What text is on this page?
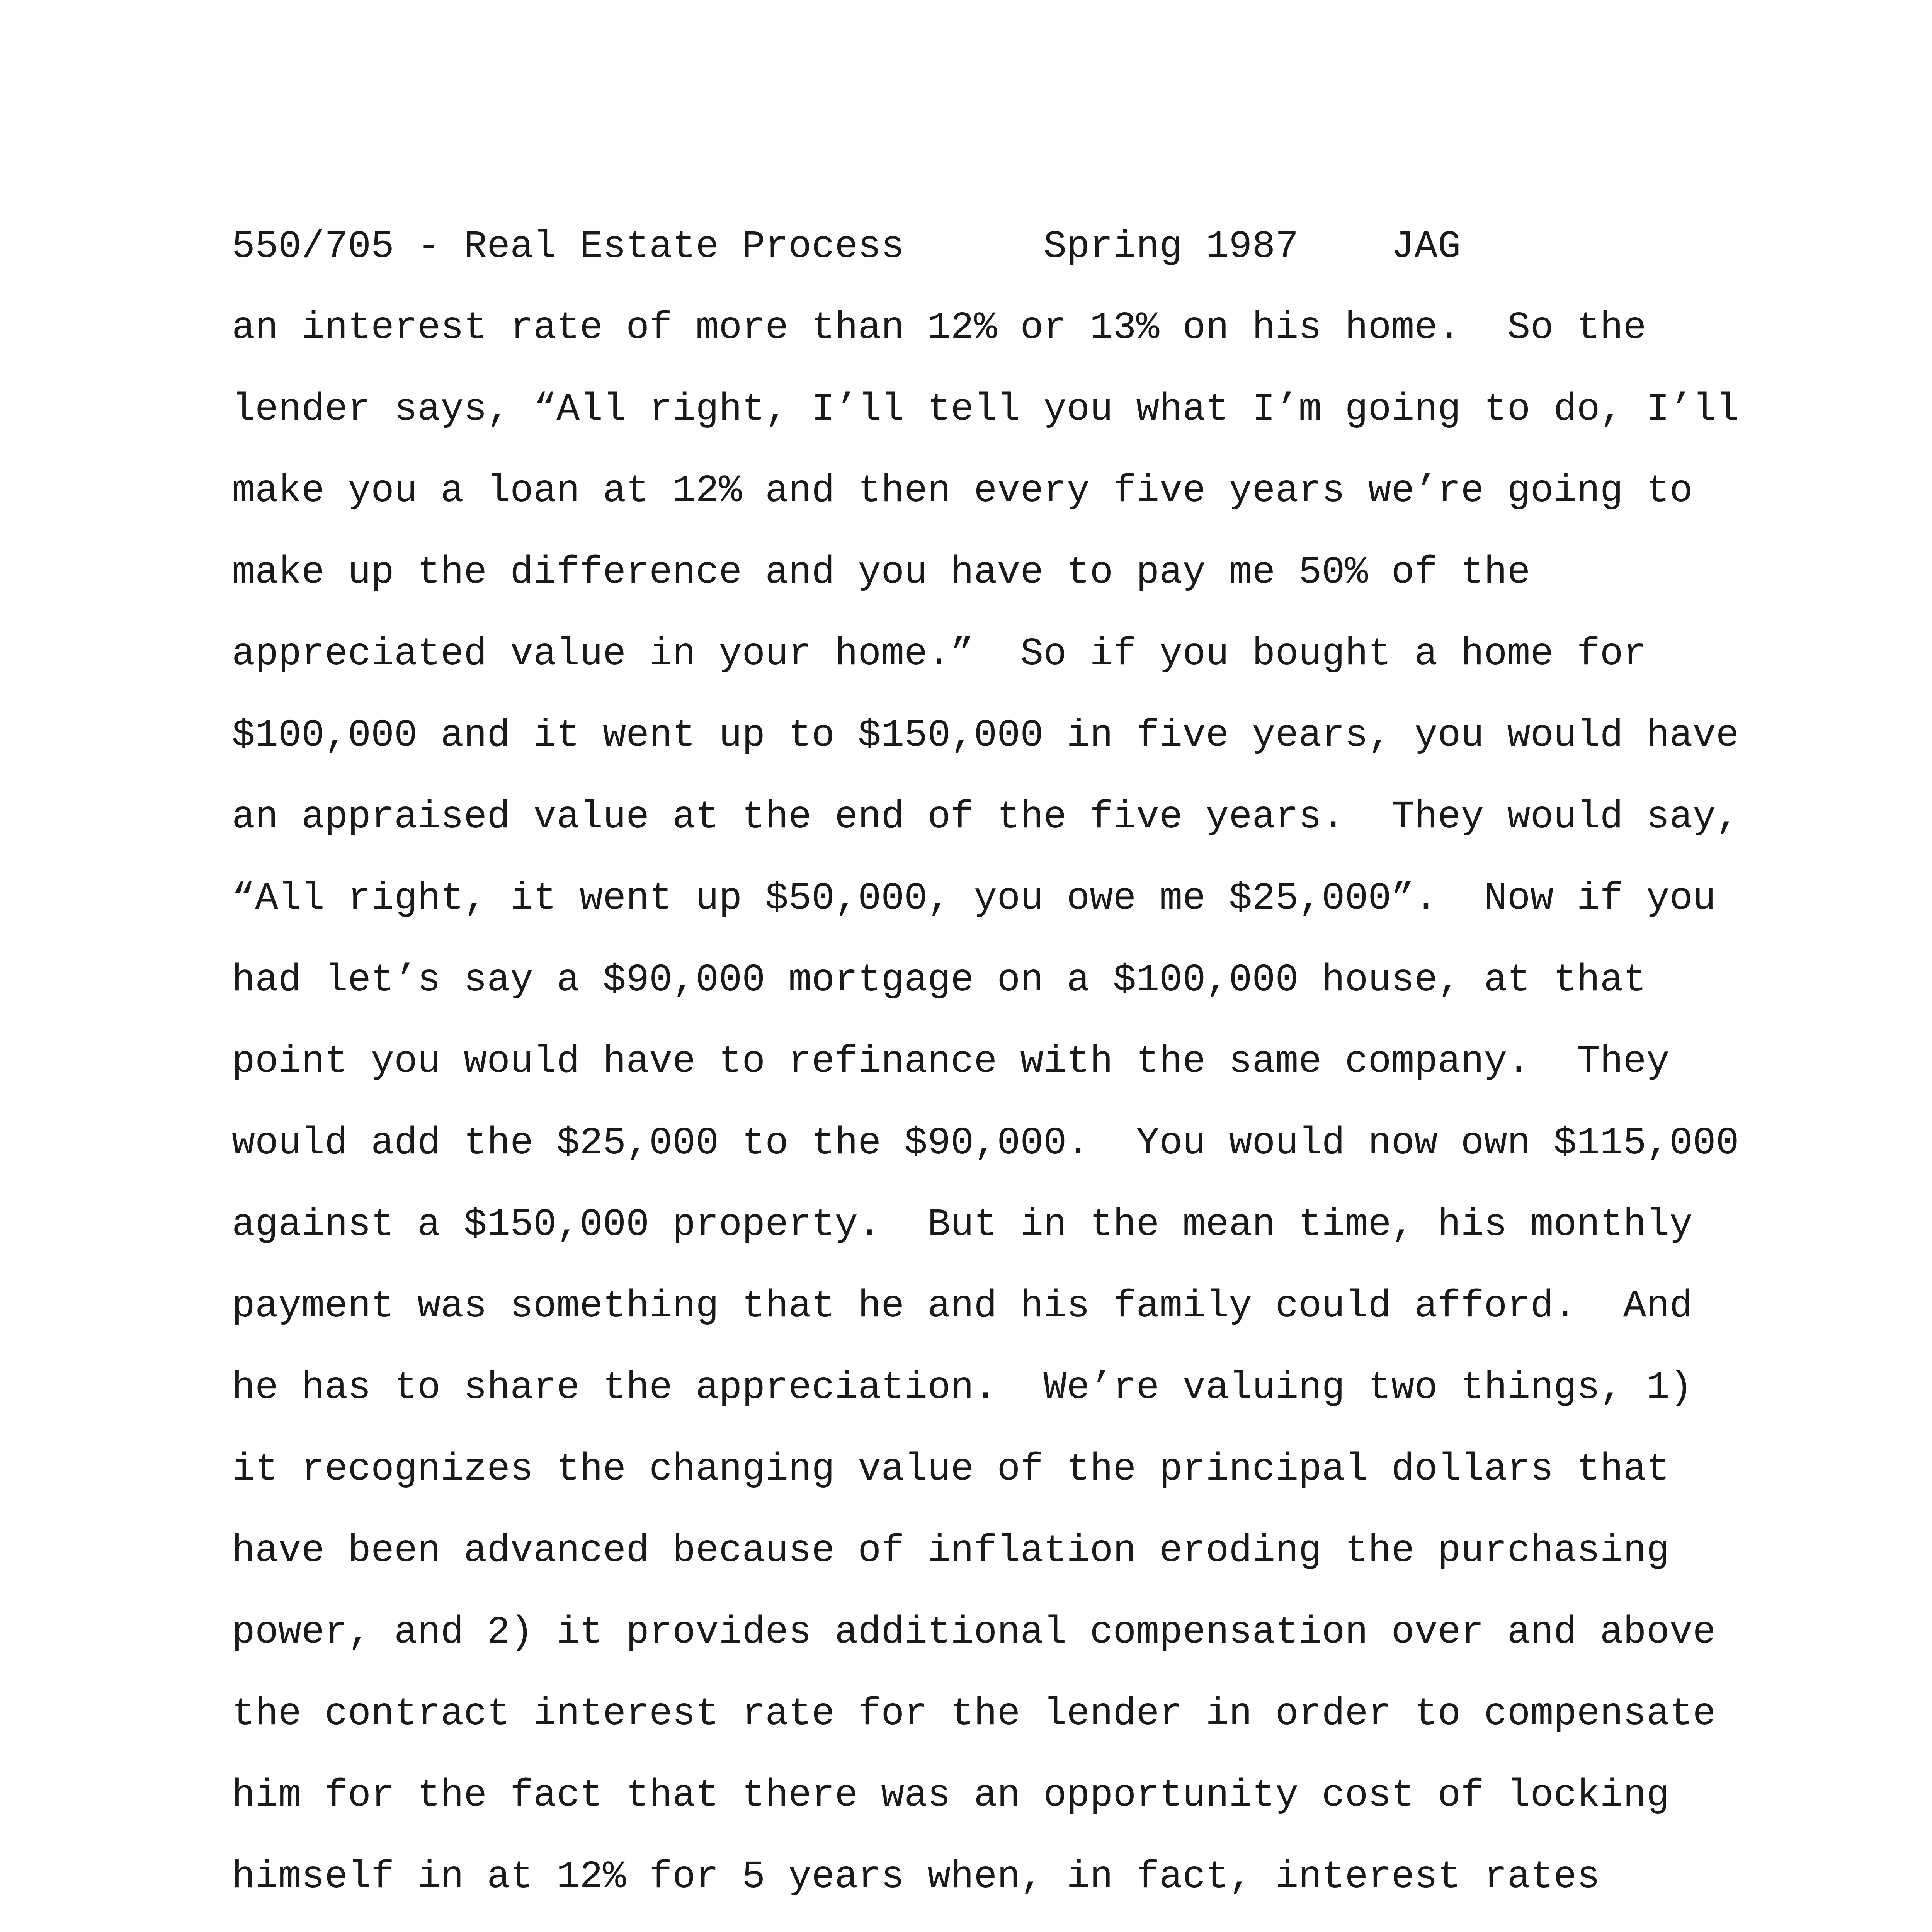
550/705 - Real Estate Process      Spring 1987    JAG
an interest rate of more than 12% or 13% on his home.  So the
lender says, “All right, I’ll tell you what I’m going to do, I’ll
make you a loan at 12% and then every five years we’re going to
make up the difference and you have to pay me 50% of the
appreciated value in your home.”  So if you bought a home for
$100,000 and it went up to $150,000 in five years, you would have
an appraised value at the end of the five years.  They would say,
“All right, it went up $50,000, you owe me $25,000”.  Now if you
had let’s say a $90,000 mortgage on a $100,000 house, at that
point you would have to refinance with the same company.  They
would add the $25,000 to the $90,000.  You would now own $115,000
against a $150,000 property.  But in the mean time, his monthly
payment was something that he and his family could afford.  And
he has to share the appreciation.  We’re valuing two things, 1)
it recognizes the changing value of the principal dollars that
have been advanced because of inflation eroding the purchasing
power, and 2) it provides additional compensation over and above
the contract interest rate for the lender in order to compensate
him for the fact that there was an opportunity cost of locking
himself in at 12% for 5 years when, in fact, interest rates
